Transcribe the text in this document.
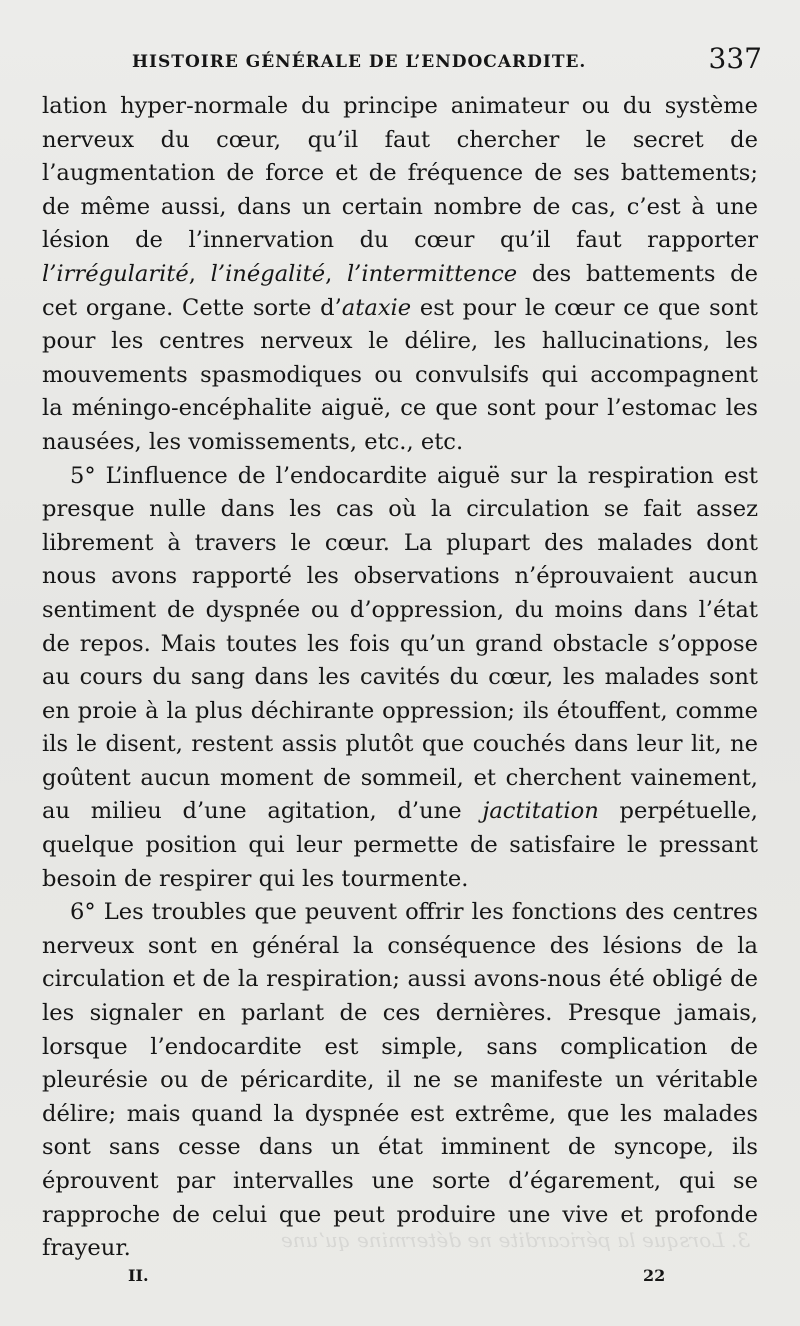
HISTOIRE GÉNÉRALE DE L’ENDOCARDITE.	337

lation hyper-normale du principe animateur ou du système nerveux du cœur, qu’il faut chercher le secret de l’augmentation de force et de fréquence de ses battements; de même aussi, dans un certain nombre de cas, c’est à une lésion de l’innervation du cœur qu’il faut rapporter l’irrégularité, l’inégalité, l’intermittence des battements de cet organe. Cette sorte d’ataxie est pour le cœur ce que sont pour les centres nerveux le délire, les hallucinations, les mouvements spasmodiques ou convulsifs qui accompagnent la méningo-encéphalite aiguë, ce que sont pour l’estomac les nausées, les vomissements, etc., etc.

5° L’influence de l’endocardite aiguë sur la respiration est presque nulle dans les cas où la circulation se fait assez librement à travers le cœur. La plupart des malades dont nous avons rapporté les observations n’éprouvaient aucun sentiment de dyspnée ou d’oppression, du moins dans l’état de repos. Mais toutes les fois qu’un grand obstacle s’oppose au cours du sang dans les cavités du cœur, les malades sont en proie à la plus déchirante oppression; ils étouffent, comme ils le disent, restent assis plutôt que couchés dans leur lit, ne goûtent aucun moment de sommeil, et cherchent vainement, au milieu d’une agitation, d’une jactitation perpétuelle, quelque position qui leur permette de satisfaire le pressant besoin de respirer qui les tourmente.

6° Les troubles que peuvent offrir les fonctions des centres nerveux sont en général la conséquence des lésions de la circulation et de la respiration; aussi avons-nous été obligé de les signaler en parlant de ces dernières. Presque jamais, lorsque l’endocardite est simple, sans complication de pleurésie ou de péricardite, il ne se manifeste un véritable délire; mais quand la dyspnée est extrême, que les malades sont sans cesse dans un état imminent de syncope, ils éprouvent par intervalles une sorte d’égarement, qui se rapproche de celui que peut produire une vive et profonde frayeur.	3. Lorsque la péricardite ne détermine qu’une
II.	22
